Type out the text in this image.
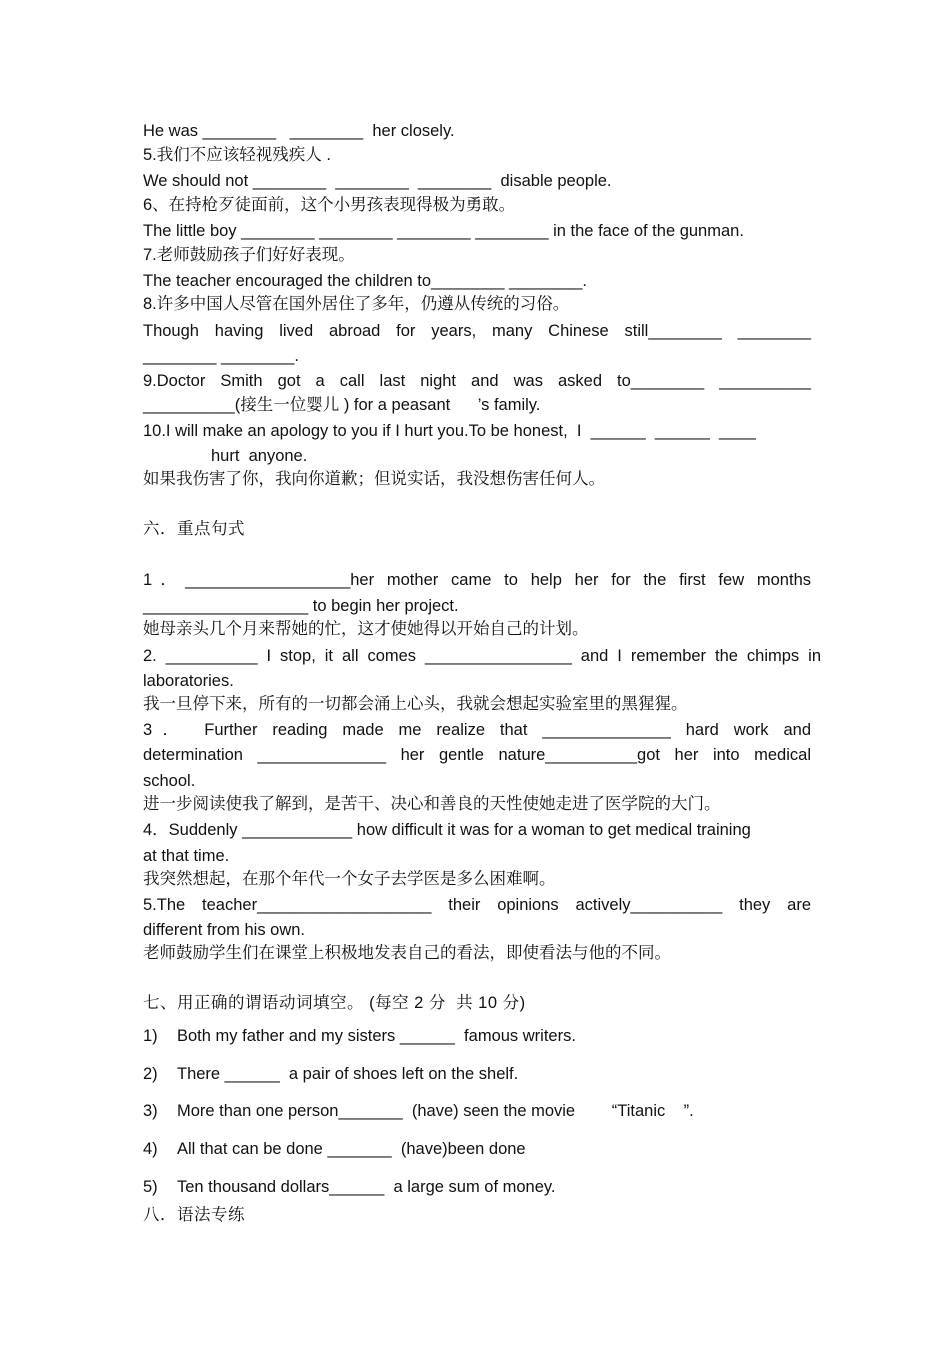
He was ________   ________  her closely.
5.我们不应该轻视残疾人 .
We should not ________  ________  ________  disable people.
6、在持枪歹徒面前，这个小男孩表现得极为勇敢。
The little boy ________ ________ ________ ________ in the face of the gunman.
7.老师鼓励孩子们好好表现。
The teacher encouraged the children to________ ________.
8.许多中国人尽管在国外居住了多年，仍遵从传统的习俗。
Though having lived abroad for years, many Chinese still________ ________
________ ________.
9.Doctor Smith got a call last night and was asked to________ __________
__________(接生一位婴儿 ) for a peasant      ’s family.
10.I will make an apology to you if I hurt you.To be honest,  I  ______  ______  ____
hurt  anyone.
如果我伤害了你，我向你道歉；但说实话，我没想伤害任何人。
六．重点句式
1．__________________her mother came to help her for the first few months
__________________ to begin her project.
她母亲头几个月来帮她的忙，这才使她得以开始自己的计划。
2. __________ I stop, it all comes ________________ and I remember the chimps in
laboratories.
我一旦停下来，所有的一切都会涌上心头，我就会想起实验室里的黑猩猩。
3． Further reading made me realize that ______________ hard work and
determination ______________ her gentle nature__________got her into medical
school.
进一步阅读使我了解到，是苦干、决心和善良的天性使她走进了医学院的大门。
4．Suddenly ____________ how difficult it was for a woman to get medical training
at that time.
我突然想起，在那个年代一个女子去学医是多么困难啊。
5.The teacher___________________ their opinions actively__________ they are
different from his own.
老师鼓励学生们在课堂上积极地发表自己的看法，即使看法与他的不同。
七、用正确的谓语动词填空。 (每空 2 分  共 10 分)
1) Both my father and my sisters ______  famous writers.
2) There ______  a pair of shoes left on the shelf.
3) More than one person_______  (have) seen the movie        “Titanic    ”.
4) All that can be done _______  (have)been done
5) Ten thousand dollars______  a large sum of money.
八．语法专练
